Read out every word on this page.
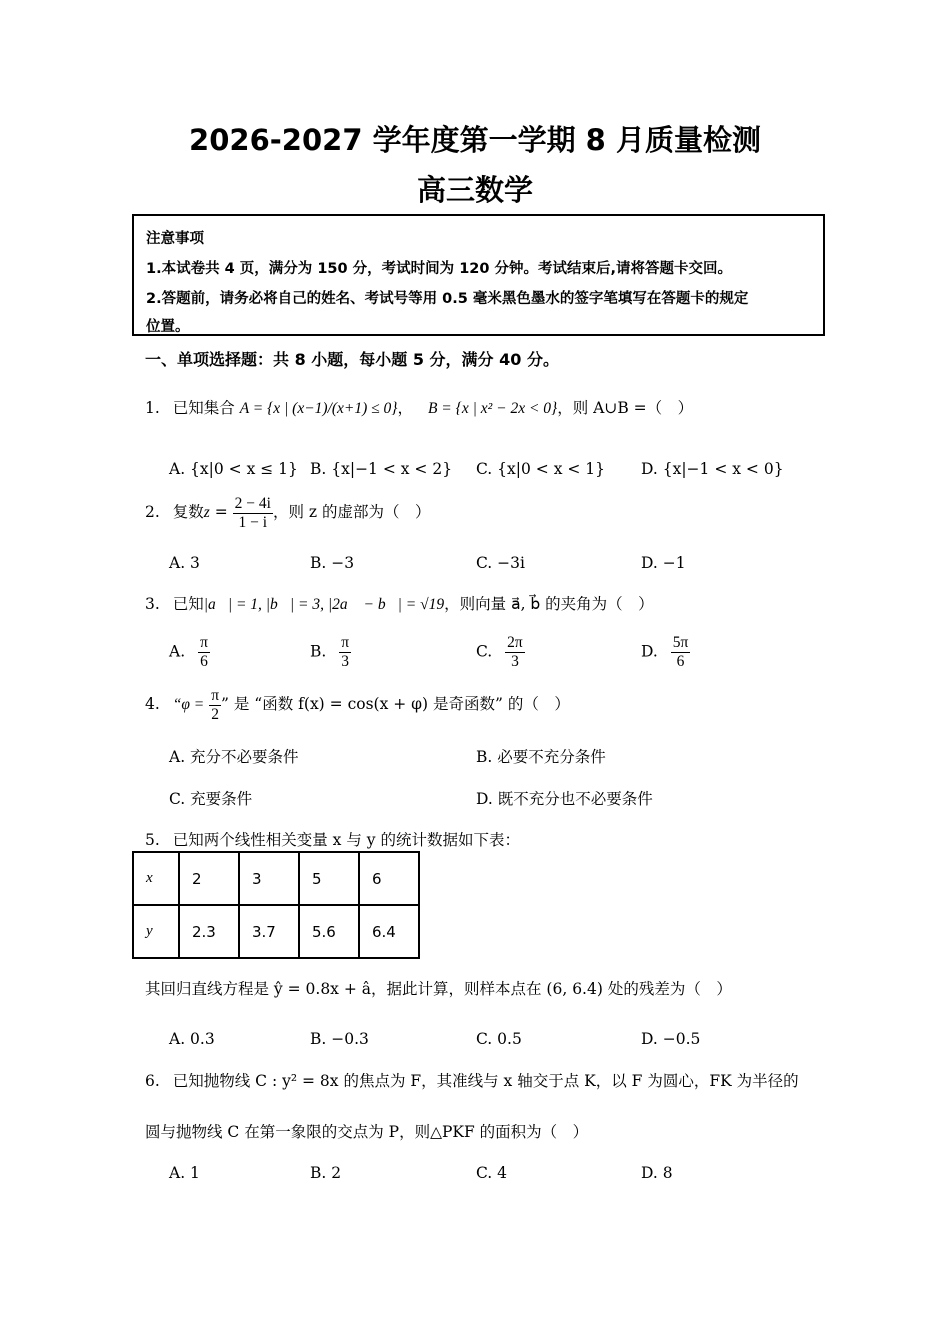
2026-2027 学年度第一学期 8 月质量检测
高三数学
注意事项
1.本试卷共 4 页，满分为 150 分，考试时间为 120 分钟。考试结束后,请将答题卡交回。
2.答题前，请务必将自己的姓名、考试号等用 0.5 毫米黑色墨水的签字笔填写在答题卡的规定
位置。
一、单项选择题：共 8 小题，每小题 5 分，满分 40 分。
1. 已知集合 A = {x | (x−1)/(x+1) ≤ 0}， B = {x | x² − 2x < 0}，则 A∪B =（　）
A. {x|0 < x ≤ 1} B. {x|−1 < x < 2} C. {x|0 < x < 1} D. {x|−1 < x < 0}
2. 复数$z = \frac{2 - 4i}{1 - i}$ ，则 z 的虚部为（　）
A. 3	B. −3	C. −3i	D. −1
3. 已知|a⃗| = 1, |b⃗| = 3, |2a⃗ − b⃗| = √19，则向量 a⃗, b⃗ 的夹角为（　）
A. $\frac{\pi}{6}$	B. $\frac{\pi}{3}$	C. $\frac{2\pi}{3}$	D. $\frac{5\pi}{6}$
4. “$\varphi = \frac{\pi}{2}$ ” 是 “函数 f(x) = cos(x + φ) 是奇函数” 的（　）
A. 充分不必要条件	B. 必要不充分条件
C. 充要条件	D. 既不充分也不必要条件
5. 已知两个线性相关变量 x 与 y 的统计数据如下表：
x	2	3	5	6
y	2.3	3.7	5.6	6.4
其回归直线方程是 ŷ = 0.8x + â，据此计算，则样本点在 (6, 6.4) 处的残差为（　）
A. 0.3	B. −0.3	C. 0.5	D. −0.5
6. 已知抛物线 C : y² = 8x 的焦点为 F，其准线与 x 轴交于点 K，以 F 为圆心，FK 为半径的
圆与抛物线 C 在第一象限的交点为 P，则△PKF 的面积为（　）
A. 1	B. 2	C. 4	D. 8
